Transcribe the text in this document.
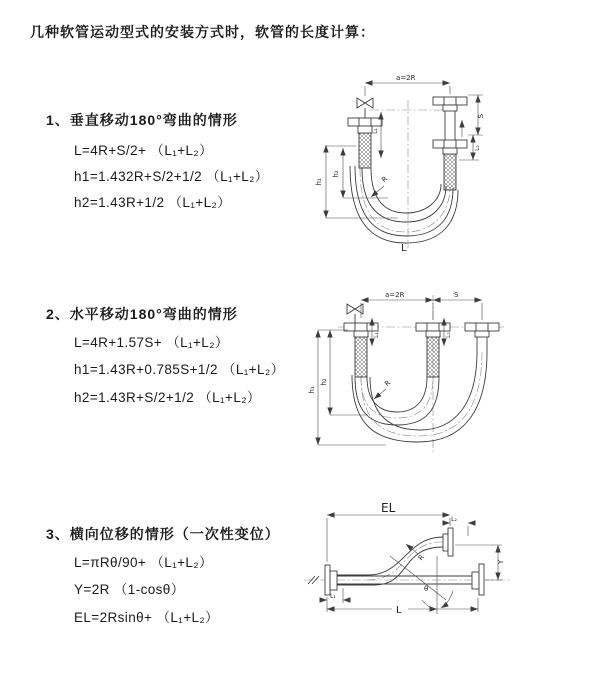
几种软管运动型式的安装方式时，软管的长度计算：
1、垂直移动180°弯曲的情形
L=4R+S/2+ （L₁+L₂）
h1=1.432R+S/2+1/2 （L₁+L₂）
h2=1.43R+1/2 （L₁+L₂）
2、水平移动180°弯曲的情形
L=4R+1.57S+ （L₁+L₂）
h1=1.43R+0.785S+1/2 （L₁+L₂）
h2=1.43R+S/2+1/2 （L₁+L₂）
3、横向位移的情形（一次性变位）
L=πRθ/90+ （L₁+L₂）
Y=2R （1-cosθ）
EL=2Rsinθ+ （L₁+L₂）
a=2R
S
L₂
L₁
h₁
h₂
R
L
a=2R	S
L₁	L₂
h₁
h₂	R
EL
L₂
Y
R
θ
L
L₁
